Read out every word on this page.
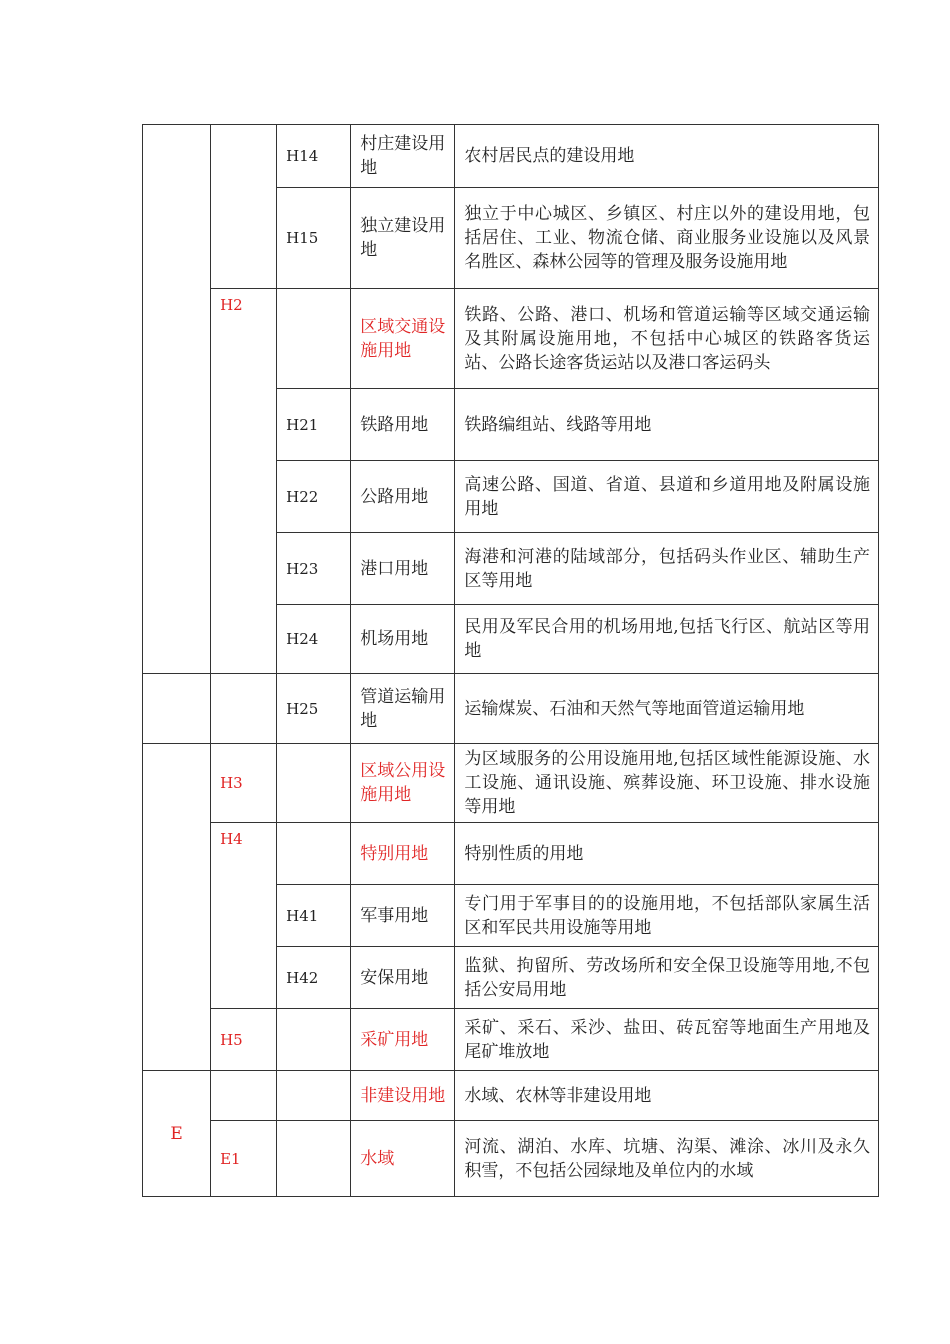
		H14	村庄建设用地	农村居民点的建设用地
		H15	独立建设用地	独立于中心城区、乡镇区、村庄以外的建设用地，包括居住、工业、物流仓储、商业服务业设施以及风景名胜区、森林公园等的管理及服务设施用地
	H2		区域交通设施用地	铁路、公路、港口、机场和管道运输等区域交通运输及其附属设施用地，不包括中心城区的铁路客货运站、公路长途客货运站以及港口客运码头
		H21	铁路用地	铁路编组站、线路等用地
		H22	公路用地	高速公路、国道、省道、县道和乡道用地及附属设施用地
		H23	港口用地	海港和河港的陆域部分，包括码头作业区、辅助生产区等用地
		H24	机场用地	民用及军民合用的机场用地,包括飞行区、航站区等用地
		H25	管道运输用地	运输煤炭、石油和天然气等地面管道运输用地
	H3		区域公用设施用地	为区域服务的公用设施用地,包括区域性能源设施、水工设施、通讯设施、殡葬设施、环卫设施、排水设施等用地
	H4		特别用地	特别性质的用地
		H41	军事用地	专门用于军事目的的设施用地，不包括部队家属生活区和军民共用设施等用地
		H42	安保用地	监狱、拘留所、劳改场所和安全保卫设施等用地,不包括公安局用地
	H5		采矿用地	采矿、采石、采沙、盐田、砖瓦窑等地面生产用地及尾矿堆放地
E			非建设用地	水域、农林等非建设用地
	E1		水域	河流、湖泊、水库、坑塘、沟渠、滩涂、冰川及永久积雪，不包括公园绿地及单位内的水域
